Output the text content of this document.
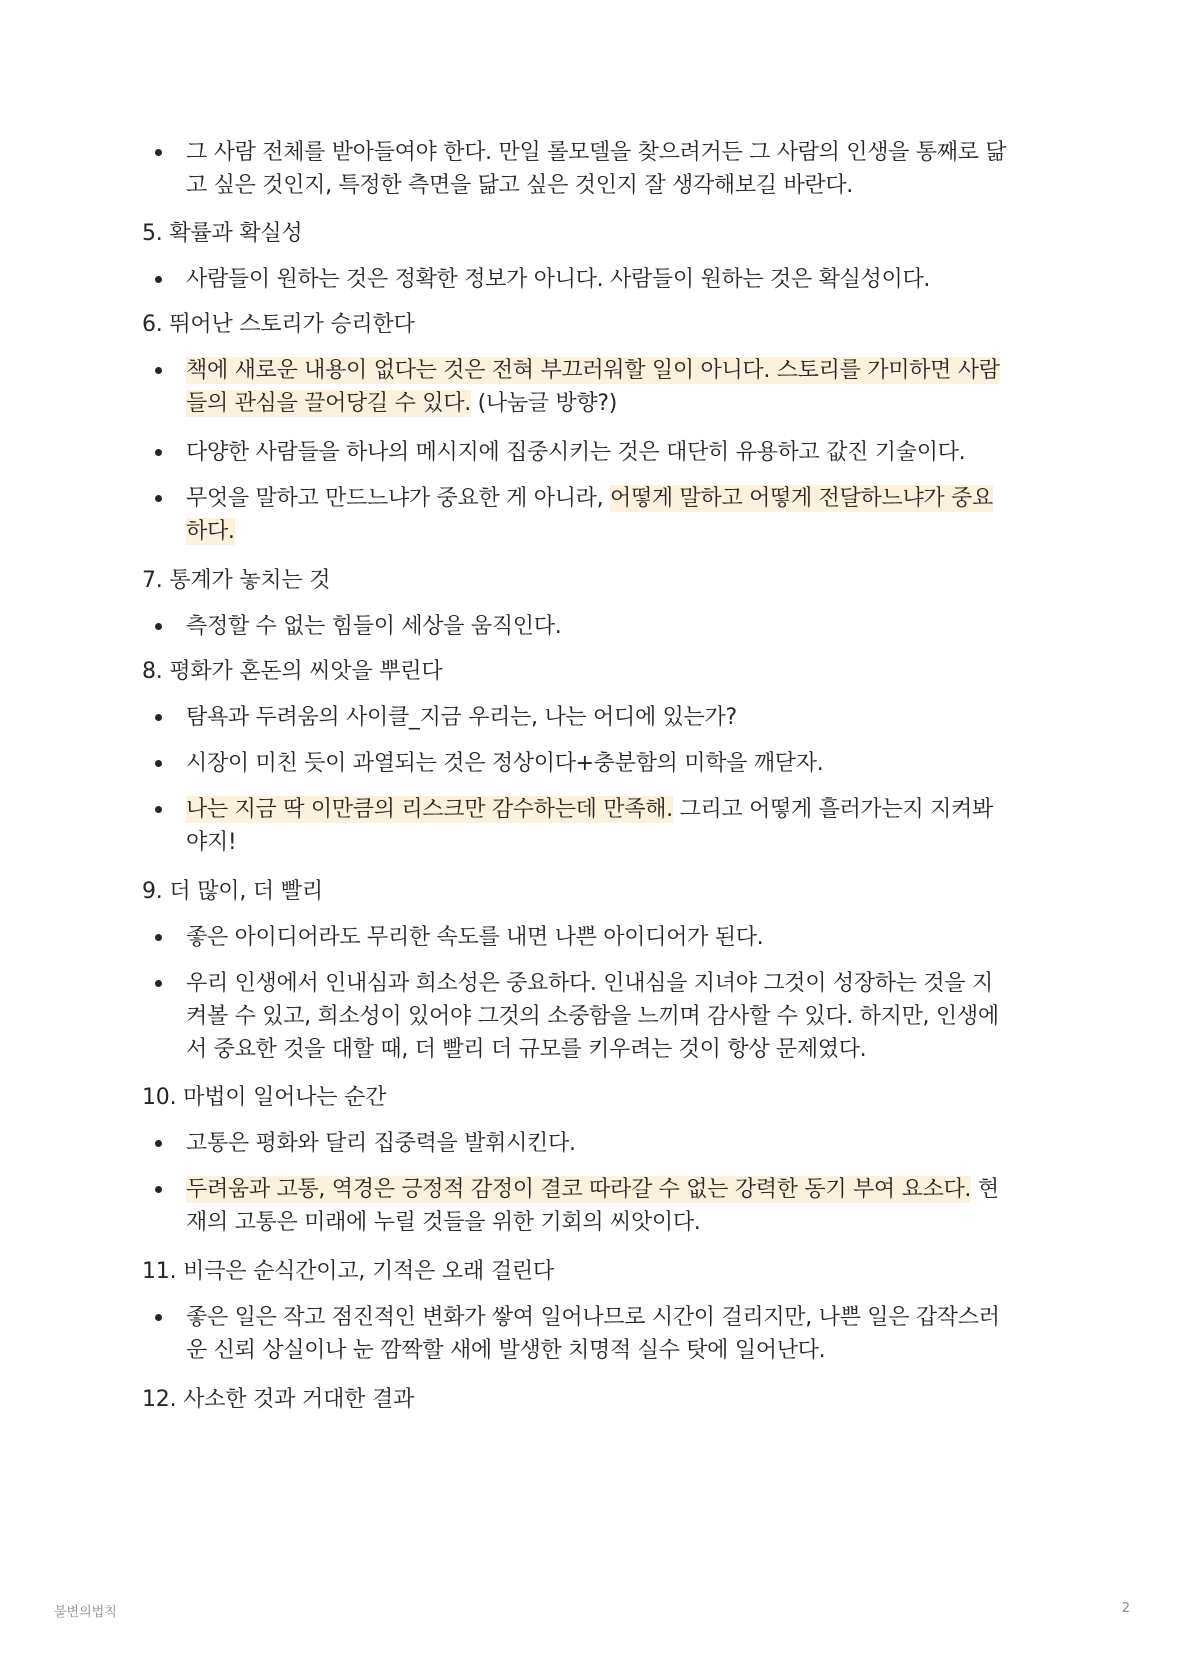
그 사람 전체를 받아들여야 한다. 만일 롤모델을 찾으려거든 그 사람의 인생을 통째로 닮
고 싶은 것인지, 특정한 측면을 닮고 싶은 것인지 잘 생각해보길 바란다.
5. 확률과 확실성
사람들이 원하는 것은 정확한 정보가 아니다. 사람들이 원하는 것은 확실성이다.
6. 뛰어난 스토리가 승리한다
책에 새로운 내용이 없다는 것은 전혀 부끄러워할 일이 아니다. 스토리를 가미하면 사람
들의 관심을 끌어당길 수 있다. (나눔글 방향?)
다양한 사람들을 하나의 메시지에 집중시키는 것은 대단히 유용하고 값진 기술이다.
무엇을 말하고 만드느냐가 중요한 게 아니라, 어떻게 말하고 어떻게 전달하느냐가 중요
하다.
7. 통계가 놓치는 것
측정할 수 없는 힘들이 세상을 움직인다.
8. 평화가 혼돈의 씨앗을 뿌린다
탐욕과 두려움의 사이클_지금 우리는, 나는 어디에 있는가?
시장이 미친 듯이 과열되는 것은 정상이다+충분함의 미학을 깨닫자.
나는 지금 딱 이만큼의 리스크만 감수하는데 만족해. 그리고 어떻게 흘러가는지 지켜봐
야지!
9. 더 많이, 더 빨리
좋은 아이디어라도 무리한 속도를 내면 나쁜 아이디어가 된다.
우리 인생에서 인내심과 희소성은 중요하다. 인내심을 지녀야 그것이 성장하는 것을 지
켜볼 수 있고, 희소성이 있어야 그것의 소중함을 느끼며 감사할 수 있다. 하지만, 인생에
서 중요한 것을 대할 때, 더 빨리 더 규모를 키우려는 것이 항상 문제였다.
10. 마법이 일어나는 순간
고통은 평화와 달리 집중력을 발휘시킨다.
두려움과 고통, 역경은 긍정적 감정이 결코 따라갈 수 없는 강력한 동기 부여 요소다. 현
재의 고통은 미래에 누릴 것들을 위한 기회의 씨앗이다.
11. 비극은 순식간이고, 기적은 오래 걸린다
좋은 일은 작고 점진적인 변화가 쌓여 일어나므로 시간이 걸리지만, 나쁜 일은 갑작스러
운 신뢰 상실이나 눈 깜짝할 새에 발생한 치명적 실수 탓에 일어난다.
12. 사소한 것과 거대한 결과
불변의법칙	2
